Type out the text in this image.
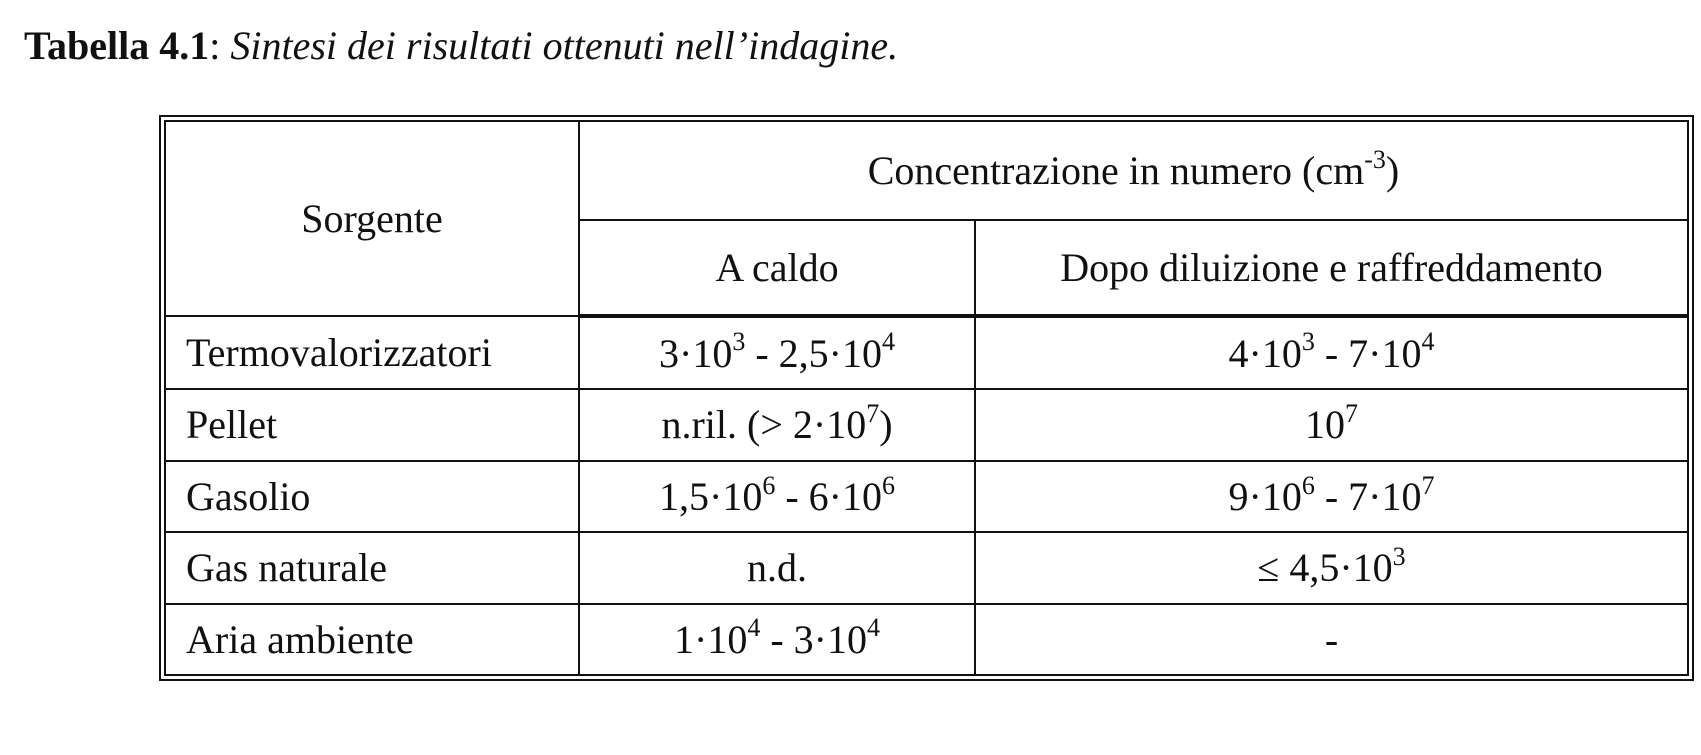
Tabella 4.1: Sintesi dei risultati ottenuti nell’indagine.
Sorgente	Concentrazione in numero $(cm^{-3})$	
	A caldo	Dopo diluizione e raffreddamento
Termovalorizzatori	$3\cdot 10^3 - 2,5\cdot 10^4$	$4\cdot 10^3 - 7\cdot 10^4$
Pellet	n.ril. (> $2\cdot 10^7$)	$10^7$
Gasolio	$1,5\cdot 10^6 - 6\cdot 10^6$	$9\cdot 10^6 - 7\cdot 10^7$
Gas naturale	n.d.	≤ $4,5\cdot 10^3$
Aria ambiente	$1\cdot 10^4 - 3\cdot 10^4$	-
